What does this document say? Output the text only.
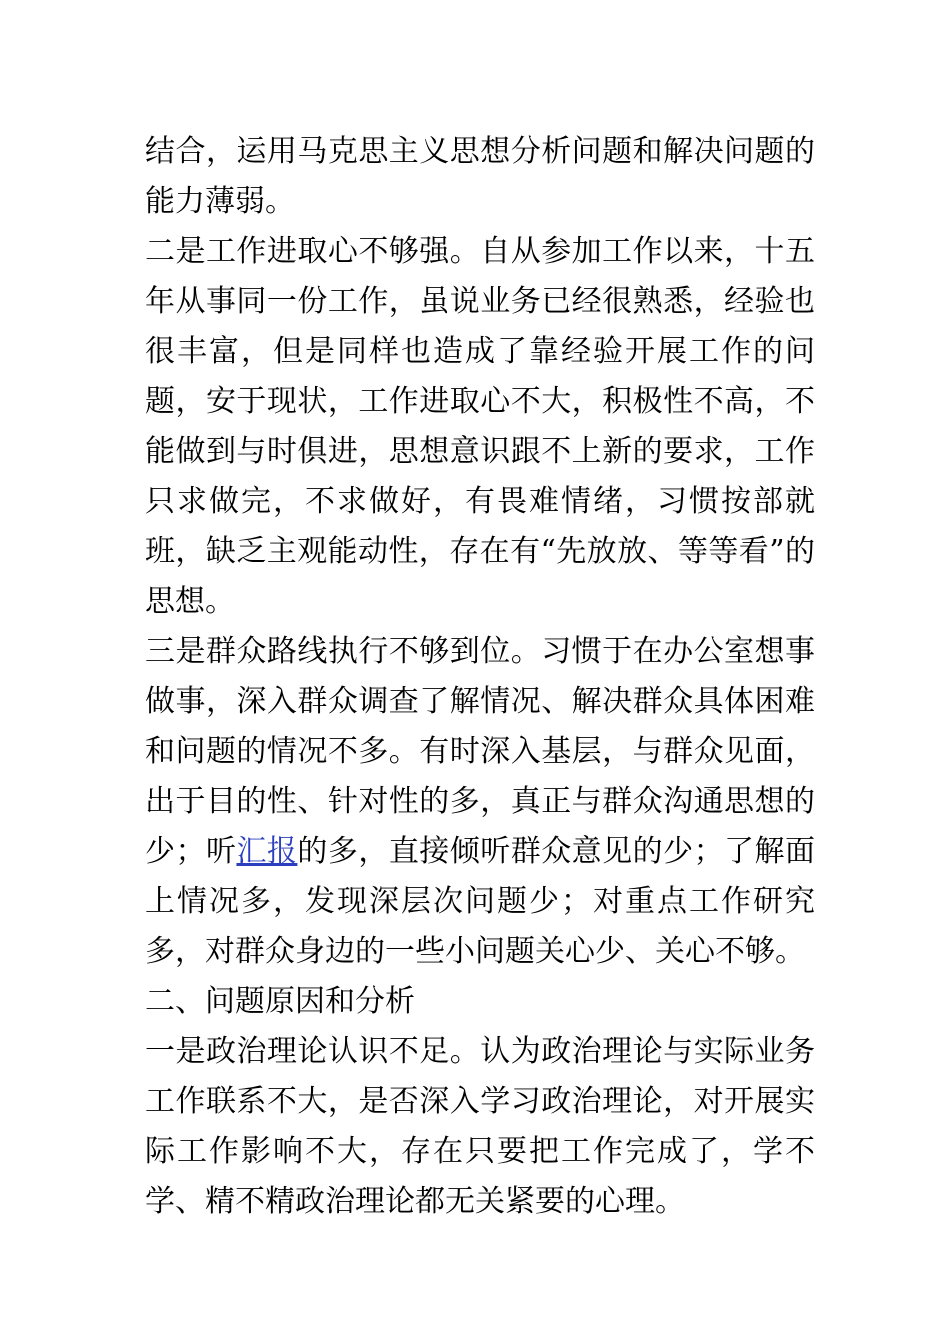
结合，运用马克思主义思想分析问题和解决问题的能力薄弱。

二是工作进取心不够强。自从参加工作以来，十五年从事同一份工作，虽说业务已经很熟悉，经验也很丰富，但是同样也造成了靠经验开展工作的问题，安于现状，工作进取心不大，积极性不高，不能做到与时俱进，思想意识跟不上新的要求，工作只求做完，不求做好，有畏难情绪，习惯按部就班，缺乏主观能动性，存在有“先放放、等等看”的思想。

三是群众路线执行不够到位。习惯于在办公室想事做事，深入群众调查了解情况、解决群众具体困难和问题的情况不多。有时深入基层，与群众见面，出于目的性、针对性的多，真正与群众沟通思想的少；听汇报的多，直接倾听群众意见的少；了解面上情况多，发现深层次问题少；对重点工作研究多，对群众身边的一些小问题关心少、关心不够。

二、问题原因和分析

一是政治理论认识不足。认为政治理论与实际业务工作联系不大，是否深入学习政治理论，对开展实际工作影响不大，存在只要把工作完成了，学不学、精不精政治理论都无关紧要的心理。
